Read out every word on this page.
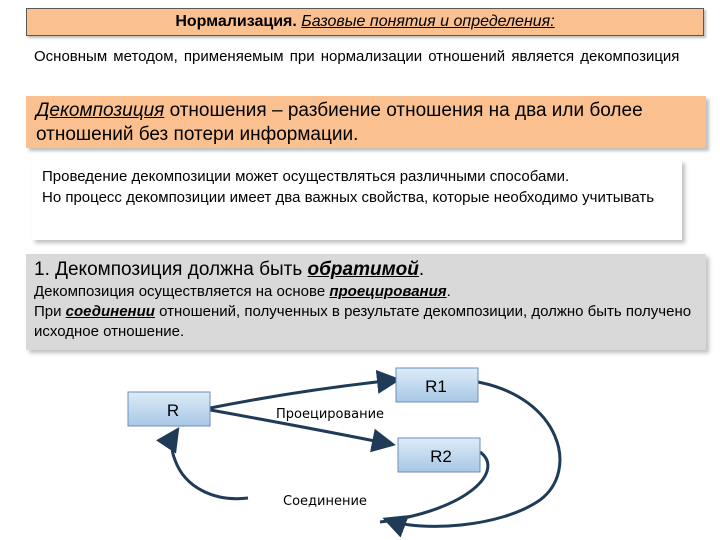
Нормализация. Базовые понятия и определения:
Основным методом, применяемым при нормализации отношений является декомпозиция
Декомпозиция отношения – разбиение отношения на два или более отношений без потери информации.
Проведение декомпозиции может осуществляться различными способами.
Но процесс декомпозиции имеет два важных свойства, которые необходимо учитывать
1. Декомпозиция должна быть обратимой.
Декомпозиция осуществляется на основе проецирования.
При соединении отношений, полученных в результате декомпозиции, должно быть получено исходное отношение.
R
R1
R2
Проецирование
Соединение
